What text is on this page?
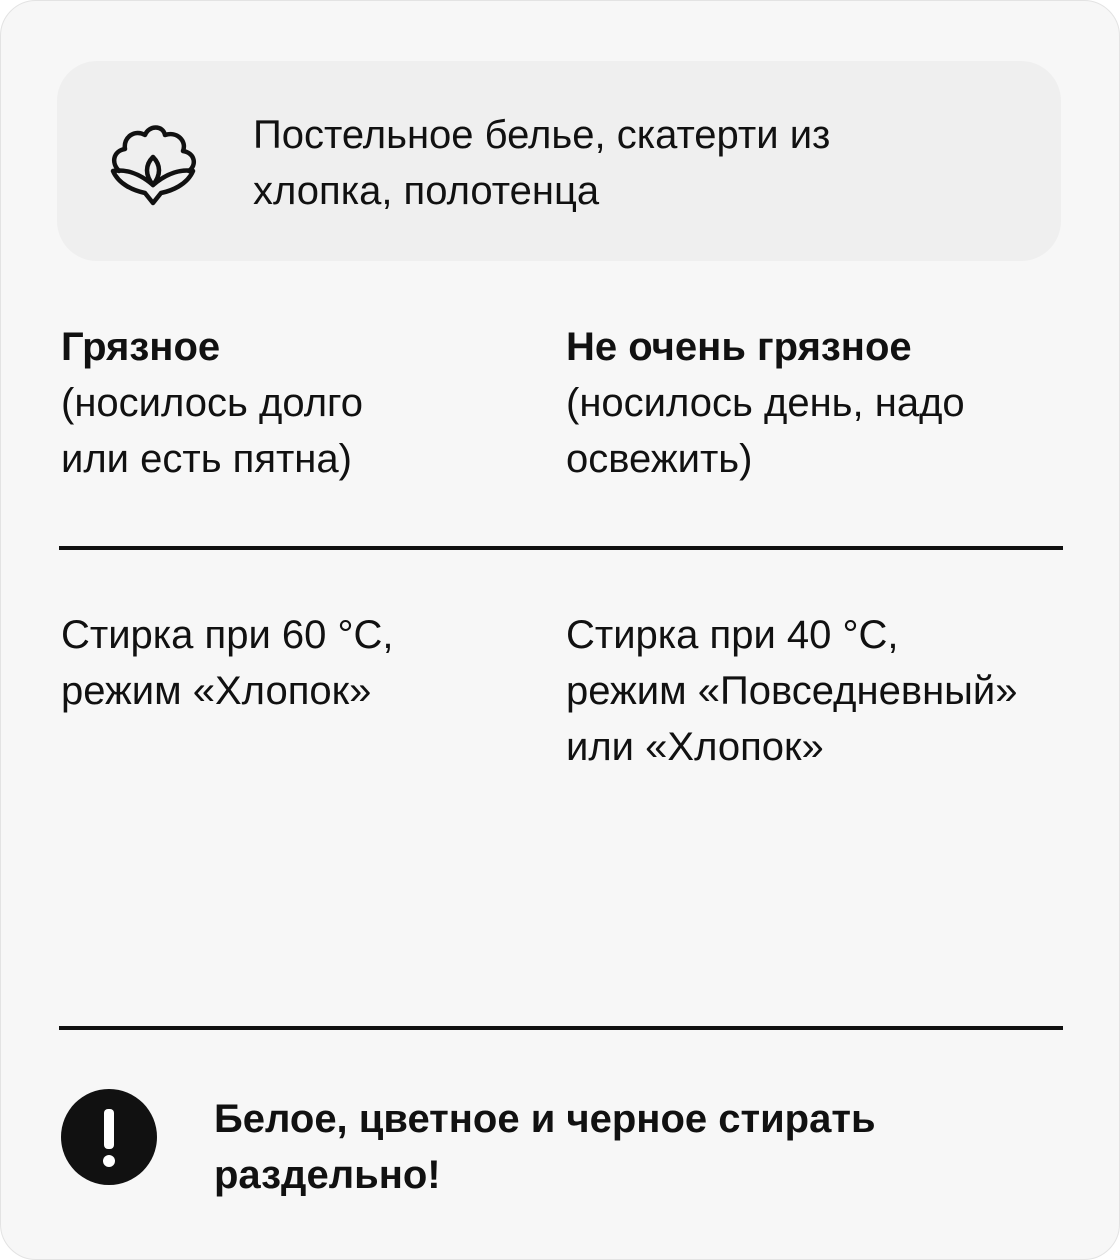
Постельное белье, скатерти из
хлопка, полотенца
Грязное
(носилось долго
или есть пятна)
Не очень грязное
(носилось день, надо
освежить)
Стирка при 60 °C,
режим «Хлопок»
Стирка при 40 °C,
режим «Повседневный»
или «Хлопок»
Белое, цветное и черное стирать
раздельно!
